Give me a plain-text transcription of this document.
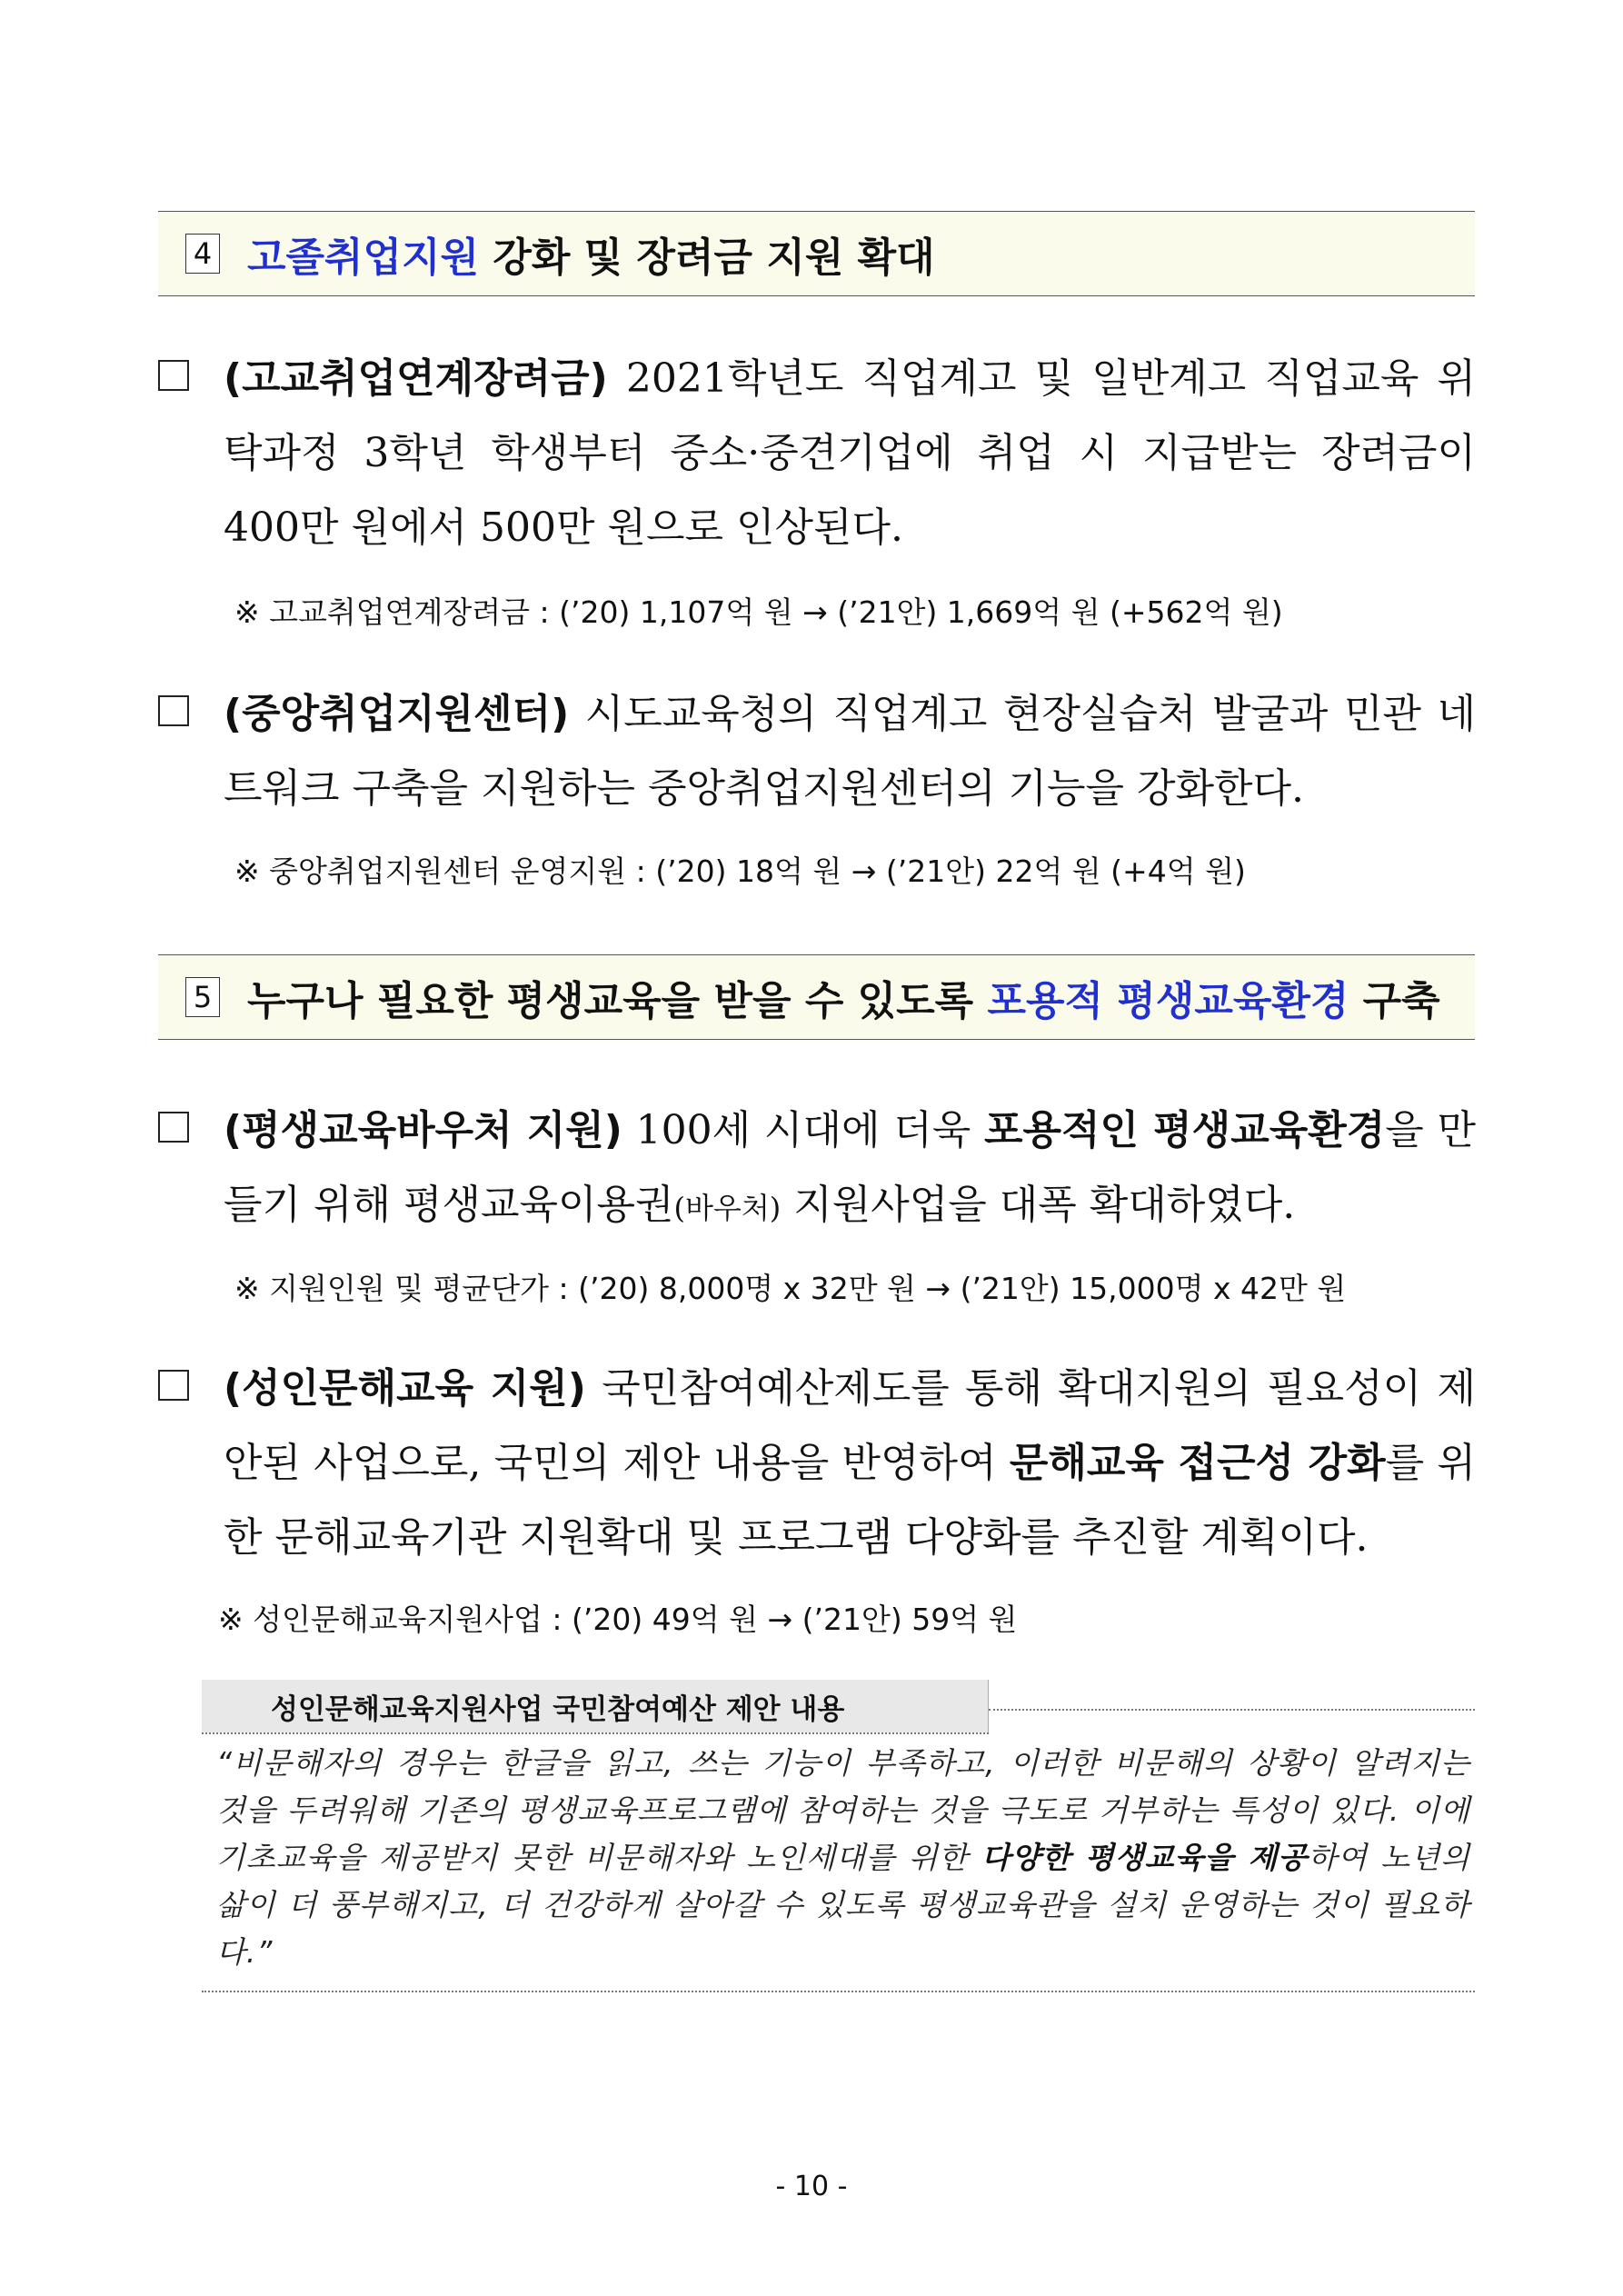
4 고졸취업지원 강화 및 장려금 지원 확대
(고교취업연계장려금) 2021학년도 직업계고 및 일반계고 직업교육 위탁과정 3학년 학생부터 중소·중견기업에 취업 시 지급받는 장려금이 400만 원에서 500만 원으로 인상된다.
※ 고교취업연계장려금 : (’20) 1,107억 원 → (’21안) 1,669억 원 (+562억 원)
(중앙취업지원센터) 시도교육청의 직업계고 현장실습처 발굴과 민관 네트워크 구축을 지원하는 중앙취업지원센터의 기능을 강화한다.
※ 중앙취업지원센터 운영지원 : (’20) 18억 원 → (’21안) 22억 원 (+4억 원)
5 누구나 필요한 평생교육을 받을 수 있도록 포용적 평생교육환경 구축
(평생교육바우처 지원) 100세 시대에 더욱 포용적인 평생교육환경을 만들기 위해 평생교육이용권(바우처) 지원사업을 대폭 확대하였다.
※ 지원인원 및 평균단가 : (’20) 8,000명 x 32만 원 → (’21안) 15,000명 x 42만 원
(성인문해교육 지원) 국민참여예산제도를 통해 확대지원의 필요성이 제안된 사업으로, 국민의 제안 내용을 반영하여 문해교육 접근성 강화를 위한 문해교육기관 지원확대 및 프로그램 다양화를 추진할 계획이다.
※ 성인문해교육지원사업 : (’20) 49억 원 → (’21안) 59억 원
성인문해교육지원사업 국민참여예산 제안 내용
“비문해자의 경우는 한글을 읽고, 쓰는 기능이 부족하고, 이러한 비문해의 상황이 알려지는 것을 두려워해 기존의 평생교육프로그램에 참여하는 것을 극도로 거부하는 특성이 있다. 이에 기초교육을 제공받지 못한 비문해자와 노인세대를 위한 다양한 평생교육을 제공하여 노년의 삶이 더 풍부해지고, 더 건강하게 살아갈 수 있도록 평생교육관을 설치 운영하는 것이 필요하다.”
- 10 -
